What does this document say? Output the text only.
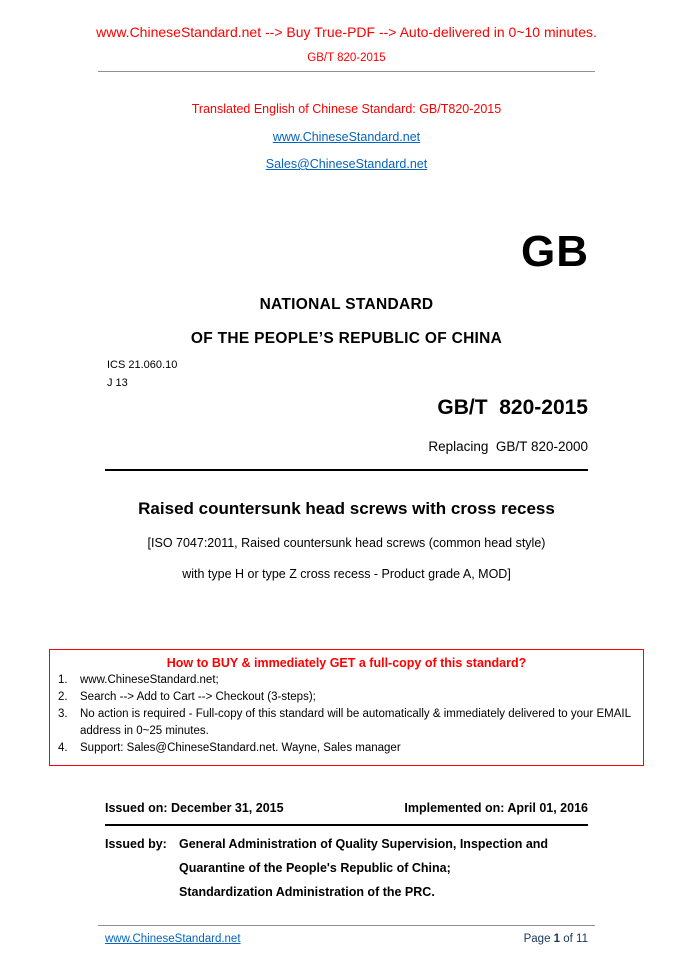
www.ChineseStandard.net --> Buy True-PDF --> Auto-delivered in 0~10 minutes.
GB/T 820-2015
Translated English of Chinese Standard: GB/T820-2015
www.ChineseStandard.net
Sales@ChineseStandard.net
GB
NATIONAL STANDARD
OF THE PEOPLE’S REPUBLIC OF CHINA
ICS 21.060.10
J 13
GB/T  820-2015
Replacing  GB/T 820-2000
Raised countersunk head screws with cross recess
[ISO 7047:2011, Raised countersunk head screws (common head style)
with type H or type Z cross recess - Product grade A, MOD]
How to BUY & immediately GET a full-copy of this standard?
1.	www.ChineseStandard.net;
2.	Search --> Add to Cart --> Checkout (3-steps);
3.	No action is required - Full-copy of this standard will be automatically & immediately delivered to your EMAIL address in 0~25 minutes.
4.	Support: Sales@ChineseStandard.net. Wayne, Sales manager
Issued on: December 31, 2015	Implemented on: April 01, 2016
Issued by: General Administration of Quality Supervision, Inspection and
Quarantine of the People's Republic of China;
Standardization Administration of the PRC.
www.ChineseStandard.net	Page 1 of 11
